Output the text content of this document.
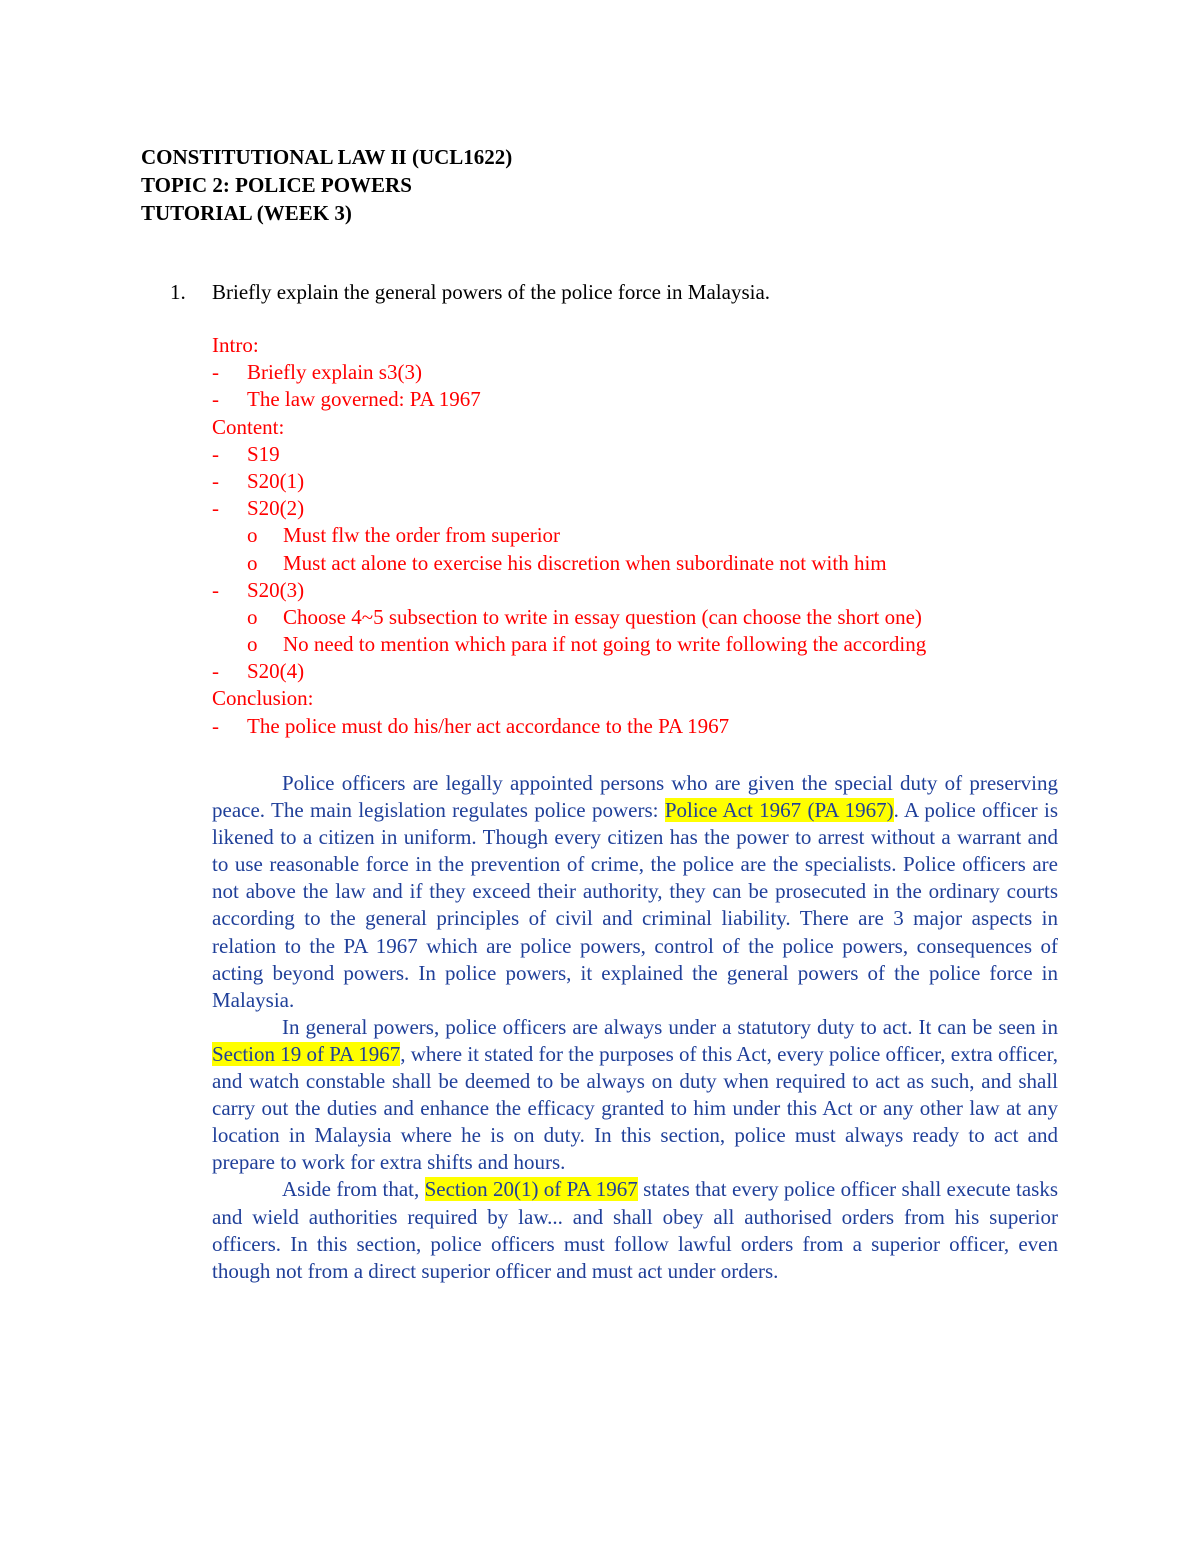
CONSTITUTIONAL LAW II (UCL1622)
TOPIC 2: POLICE POWERS
TUTORIAL (WEEK 3)
1. Briefly explain the general powers of the police force in Malaysia.
Intro:
- Briefly explain s3(3)
- The law governed: PA 1967
Content:
- S19
- S20(1)
- S20(2)
o Must flw the order from superior
o Must act alone to exercise his discretion when subordinate not with him
- S20(3)
o Choose 4~5 subsection to write in essay question (can choose the short one)
o No need to mention which para if not going to write following the according
- S20(4)
Conclusion:
- The police must do his/her act accordance to the PA 1967

Police officers are legally appointed persons who are given the special duty of preserving peace. The main legislation regulates police powers: Police Act 1967 (PA 1967). A police officer is likened to a citizen in uniform. Though every citizen has the power to arrest without a warrant and to use reasonable force in the prevention of crime, the police are the specialists. Police officers are not above the law and if they exceed their authority, they can be prosecuted in the ordinary courts according to the general principles of civil and criminal liability. There are 3 major aspects in relation to the PA 1967 which are police powers, control of the police powers, consequences of acting beyond powers. In police powers, it explained the general powers of the police force in Malaysia.

In general powers, police officers are always under a statutory duty to act. It can be seen in Section 19 of PA 1967, where it stated for the purposes of this Act, every police officer, extra officer, and watch constable shall be deemed to be always on duty when required to act as such, and shall carry out the duties and enhance the efficacy granted to him under this Act or any other law at any location in Malaysia where he is on duty. In this section, police must always ready to act and prepare to work for extra shifts and hours.

Aside from that, Section 20(1) of PA 1967 states that every police officer shall execute tasks and wield authorities required by law... and shall obey all authorised orders from his superior officers. In this section, police officers must follow lawful orders from a superior officer, even though not from a direct superior officer and must act under orders.
